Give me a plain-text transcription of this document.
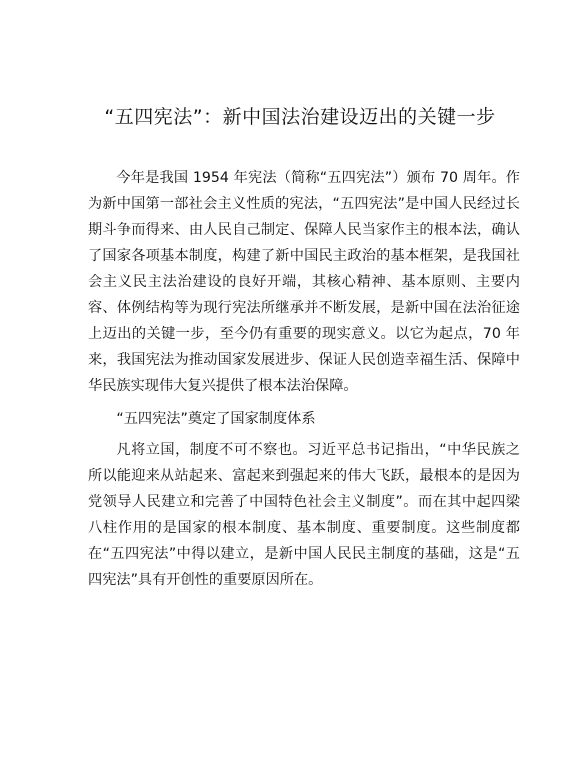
“五四宪法”：新中国法治建设迈出的关键一步

今年是我国 1954 年宪法（简称“五四宪法”）颁布 70 周年。作为新中国第一部社会主义性质的宪法，“五四宪法”是中国人民经过长期斗争而得来、由人民自己制定、保障人民当家作主的根本法，确认了国家各项基本制度，构建了新中国民主政治的基本框架，是我国社会主义民主法治建设的良好开端，其核心精神、基本原则、主要内容、体例结构等为现行宪法所继承并不断发展，是新中国在法治征途上迈出的关键一步，至今仍有重要的现实意义。以它为起点，70 年来，我国宪法为推动国家发展进步、保证人民创造幸福生活、保障中华民族实现伟大复兴提供了根本法治保障。

“五四宪法”奠定了国家制度体系

凡将立国，制度不可不察也。习近平总书记指出，“中华民族之所以能迎来从站起来、富起来到强起来的伟大飞跃，最根本的是因为党领导人民建立和完善了中国特色社会主义制度”。而在其中起四梁八柱作用的是国家的根本制度、基本制度、重要制度。这些制度都在“五四宪法”中得以建立，是新中国人民民主制度的基础，这是“五四宪法”具有开创性的重要原因所在。
